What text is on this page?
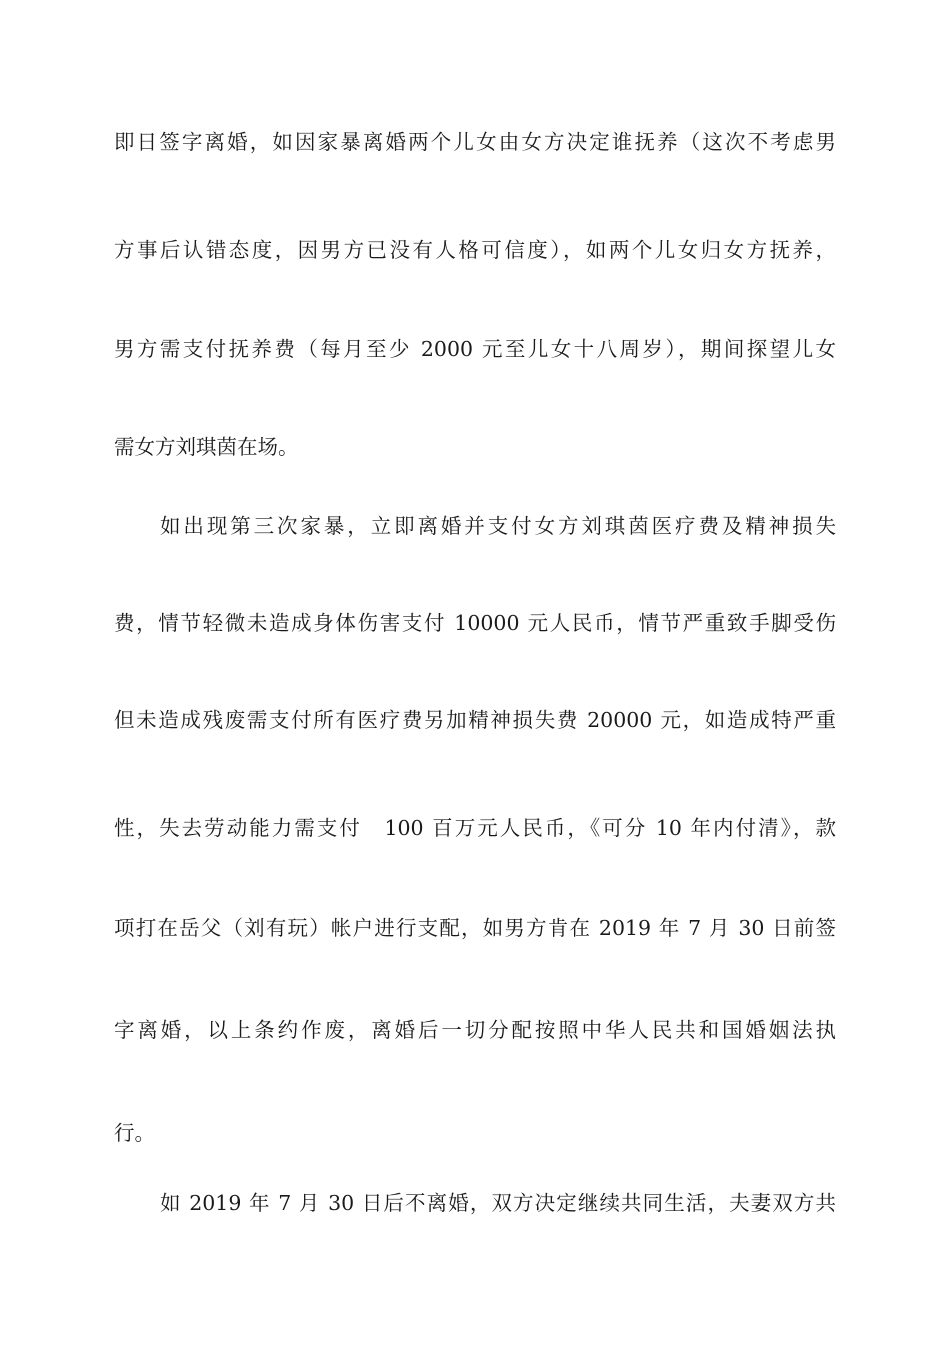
即日签字离婚，如因家暴离婚两个儿女由女方决定谁抚养（这次不考虑男
方事后认错态度，因男方已没有人格可信度），如两个儿女归女方抚养，
男方需支付抚养费（每月至少 2000 元至儿女十八周岁），期间探望儿女
需女方刘琪茵在场。
如出现第三次家暴，立即离婚并支付女方刘琪茵医疗费及精神损失
费，情节轻微未造成身体伤害支付 10000 元人民币，情节严重致手脚受伤
但未造成残废需支付所有医疗费另加精神损失费 20000 元，如造成特严重
性，失去劳动能力需支付　100 百万元人民币，《可分 10 年内付清》，款
项打在岳父（刘有玩）帐户进行支配，如男方肯在 2019 年 7 月 30 日前签
字离婚，以上条约作废，离婚后一切分配按照中华人民共和国婚姻法执
行。
如 2019 年 7 月 30 日后不离婚，双方决定继续共同生活，夫妻双方共
